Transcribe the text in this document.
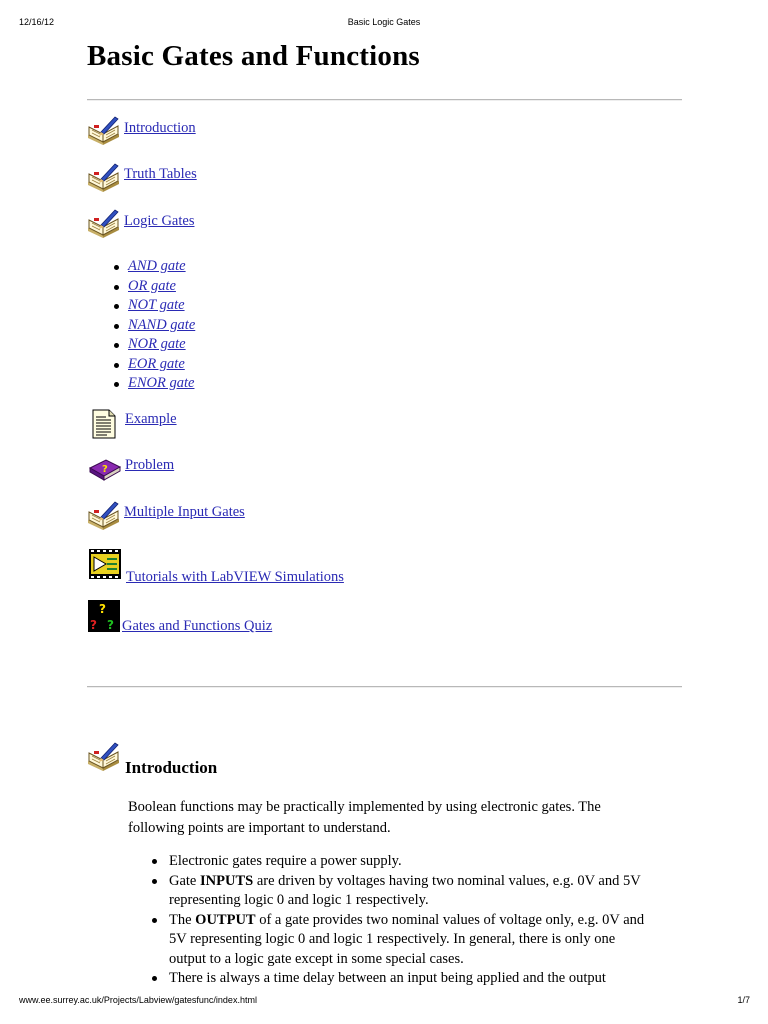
12/16/12	Basic Logic Gates
Basic Gates and Functions
Introduction
Truth Tables
Logic Gates
AND gate
OR gate
NOT gate
NAND gate
NOR gate
EOR gate
ENOR gate
Example
? Problem
Multiple Input Gates
Tutorials with LabVIEW Simulations
?
? ? Gates and Functions Quiz
Introduction

Boolean functions may be practically implemented by using electronic gates. The following points are important to understand.

Electronic gates require a power supply.
Gate INPUTS are driven by voltages having two nominal values, e.g. 0V and 5V representing logic 0 and logic 1 respectively.
The OUTPUT of a gate provides two nominal values of voltage only, e.g. 0V and 5V representing logic 0 and logic 1 respectively. In general, there is only one output to a logic gate except in some special cases.
There is always a time delay between an input being applied and the output
www.ee.surrey.ac.uk/Projects/Labview/gatesfunc/index.html	1/7
